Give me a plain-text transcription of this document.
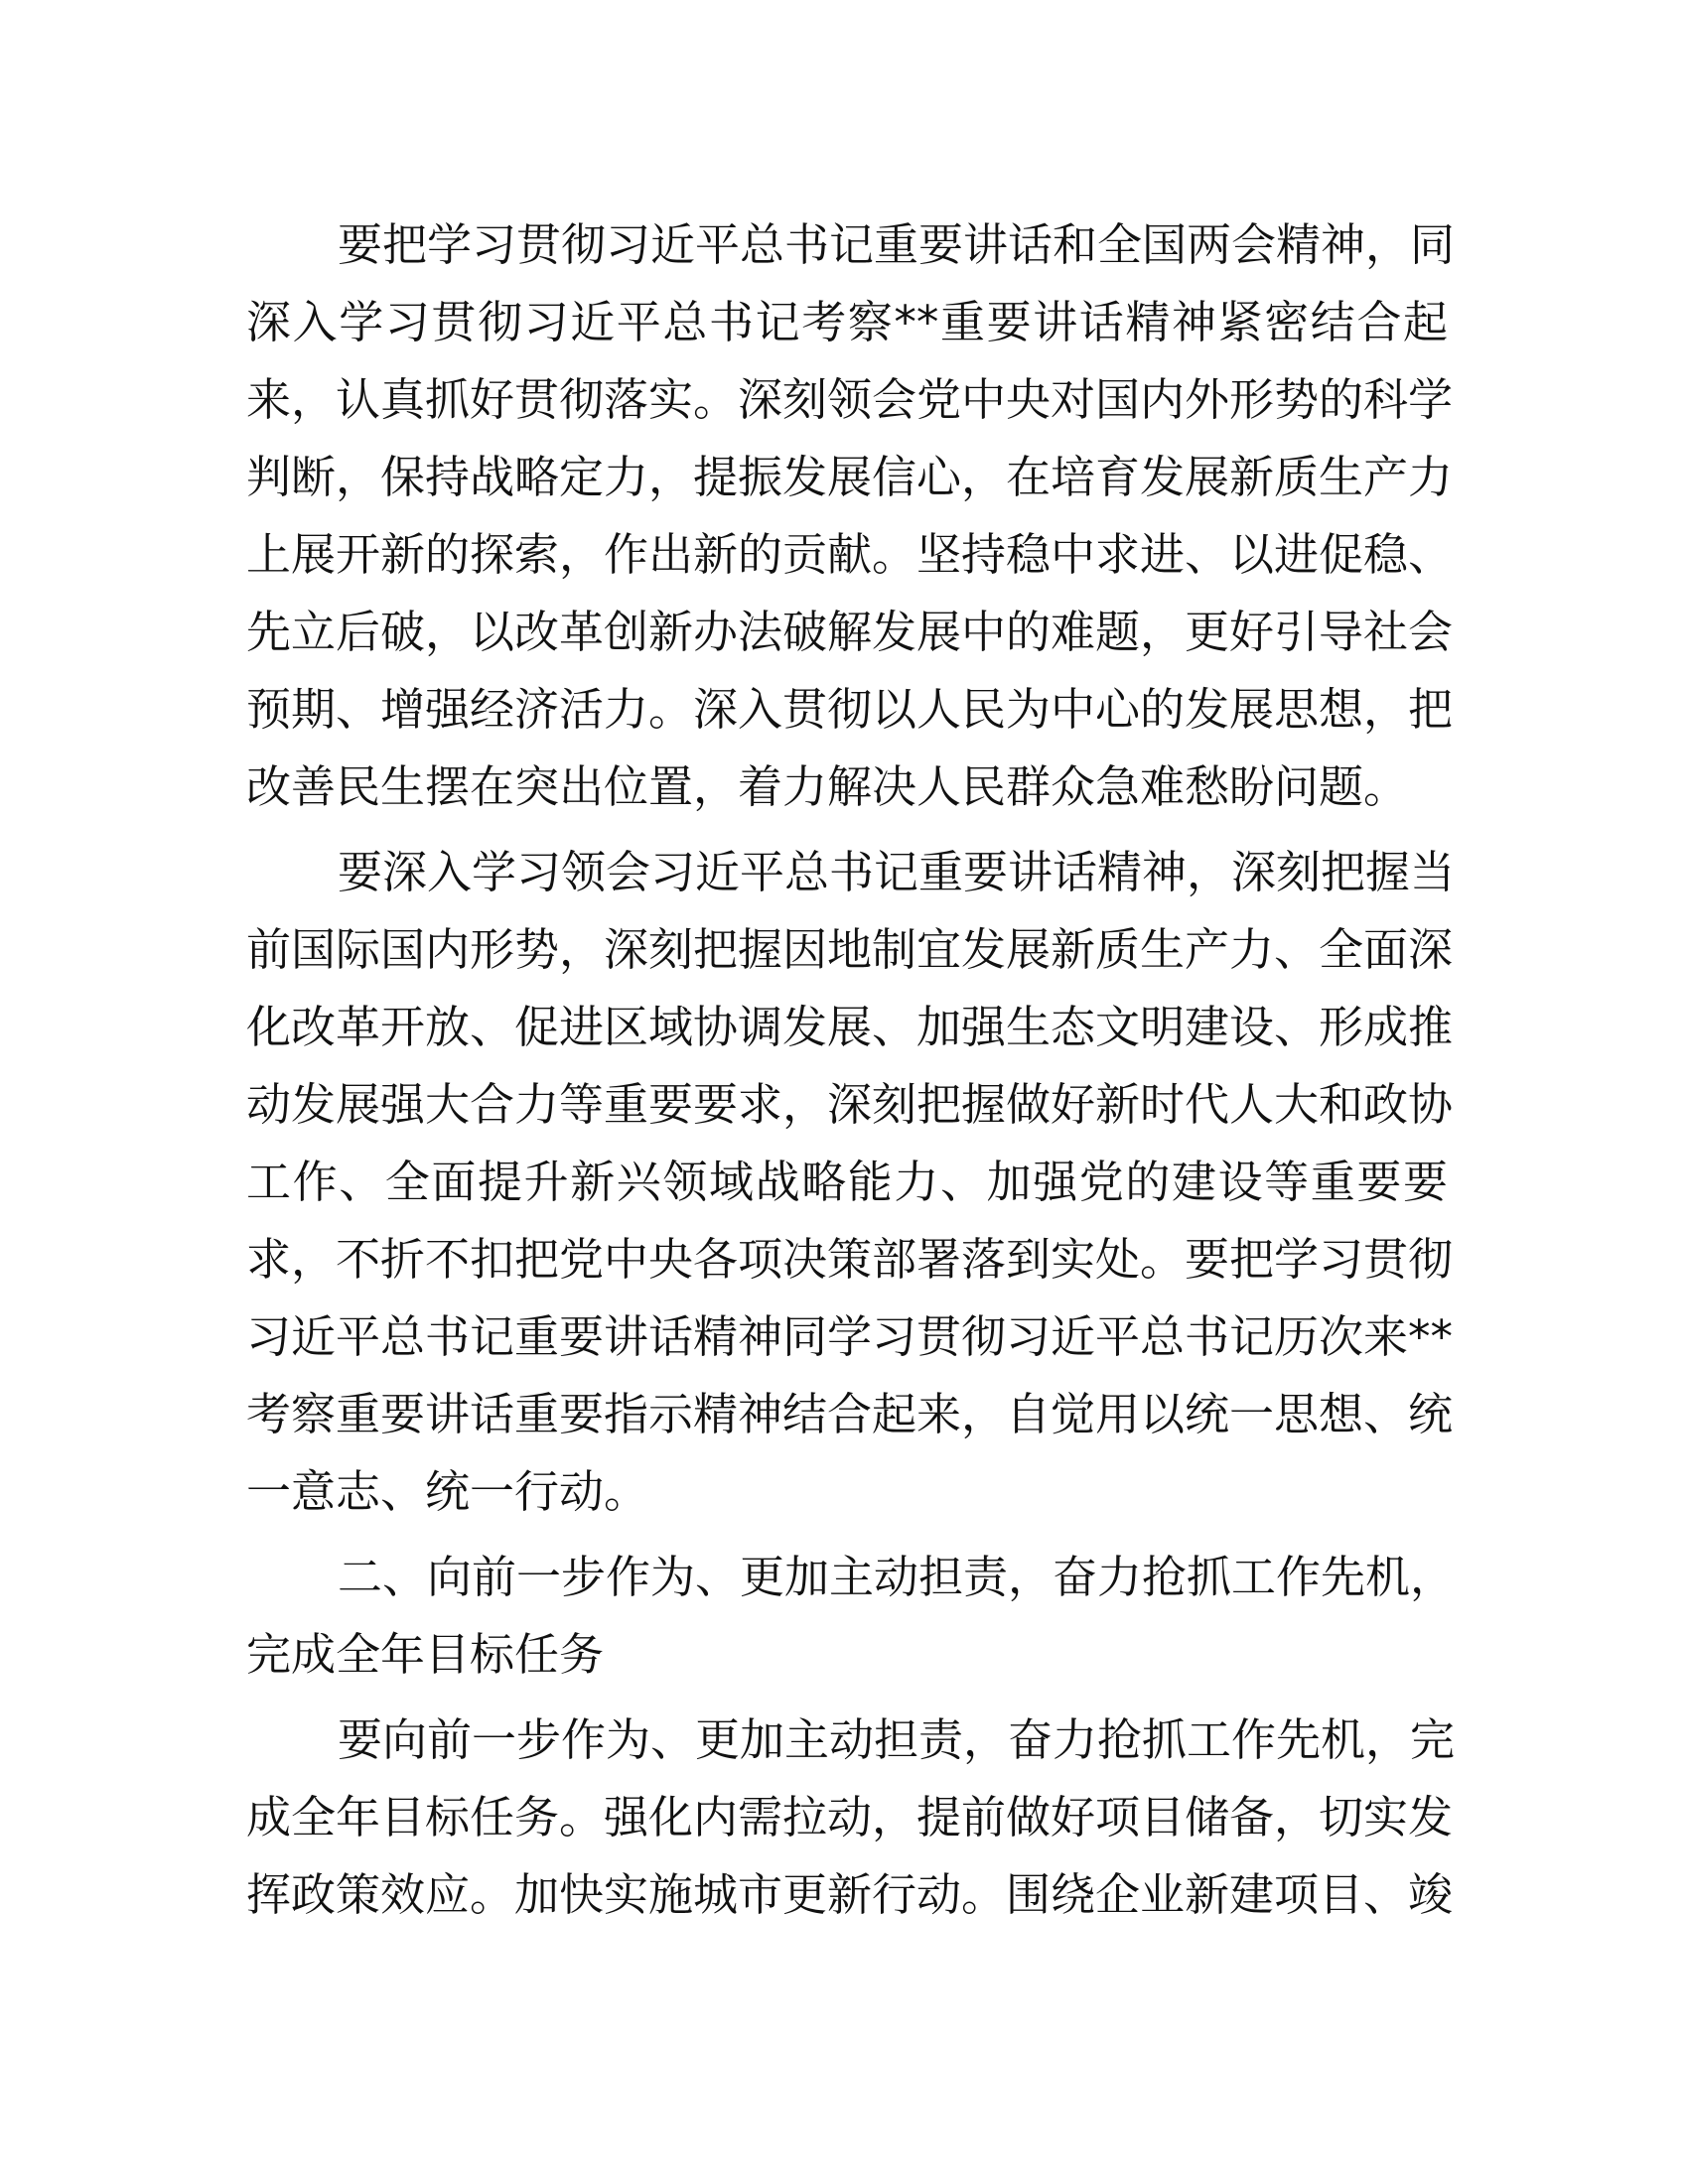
要把学习贯彻习近平总书记重要讲话和全国两会精神，同
深入学习贯彻习近平总书记考察**重要讲话精神紧密结合起
来，认真抓好贯彻落实。深刻领会党中央对国内外形势的科学
判断，保持战略定力，提振发展信心，在培育发展新质生产力
上展开新的探索，作出新的贡献。坚持稳中求进、以进促稳、
先立后破，以改革创新办法破解发展中的难题，更好引导社会
预期、增强经济活力。深入贯彻以人民为中心的发展思想，把
改善民生摆在突出位置，着力解决人民群众急难愁盼问题。
要深入学习领会习近平总书记重要讲话精神，深刻把握当
前国际国内形势，深刻把握因地制宜发展新质生产力、全面深
化改革开放、促进区域协调发展、加强生态文明建设、形成推
动发展强大合力等重要要求，深刻把握做好新时代人大和政协
工作、全面提升新兴领域战略能力、加强党的建设等重要要
求，不折不扣把党中央各项决策部署落到实处。要把学习贯彻
习近平总书记重要讲话精神同学习贯彻习近平总书记历次来**
考察重要讲话重要指示精神结合起来，自觉用以统一思想、统
一意志、统一行动。
二、向前一步作为、更加主动担责，奋力抢抓工作先机，
完成全年目标任务
要向前一步作为、更加主动担责，奋力抢抓工作先机，完
成全年目标任务。强化内需拉动，提前做好项目储备，切实发
挥政策效应。加快实施城市更新行动。围绕企业新建项目、竣
